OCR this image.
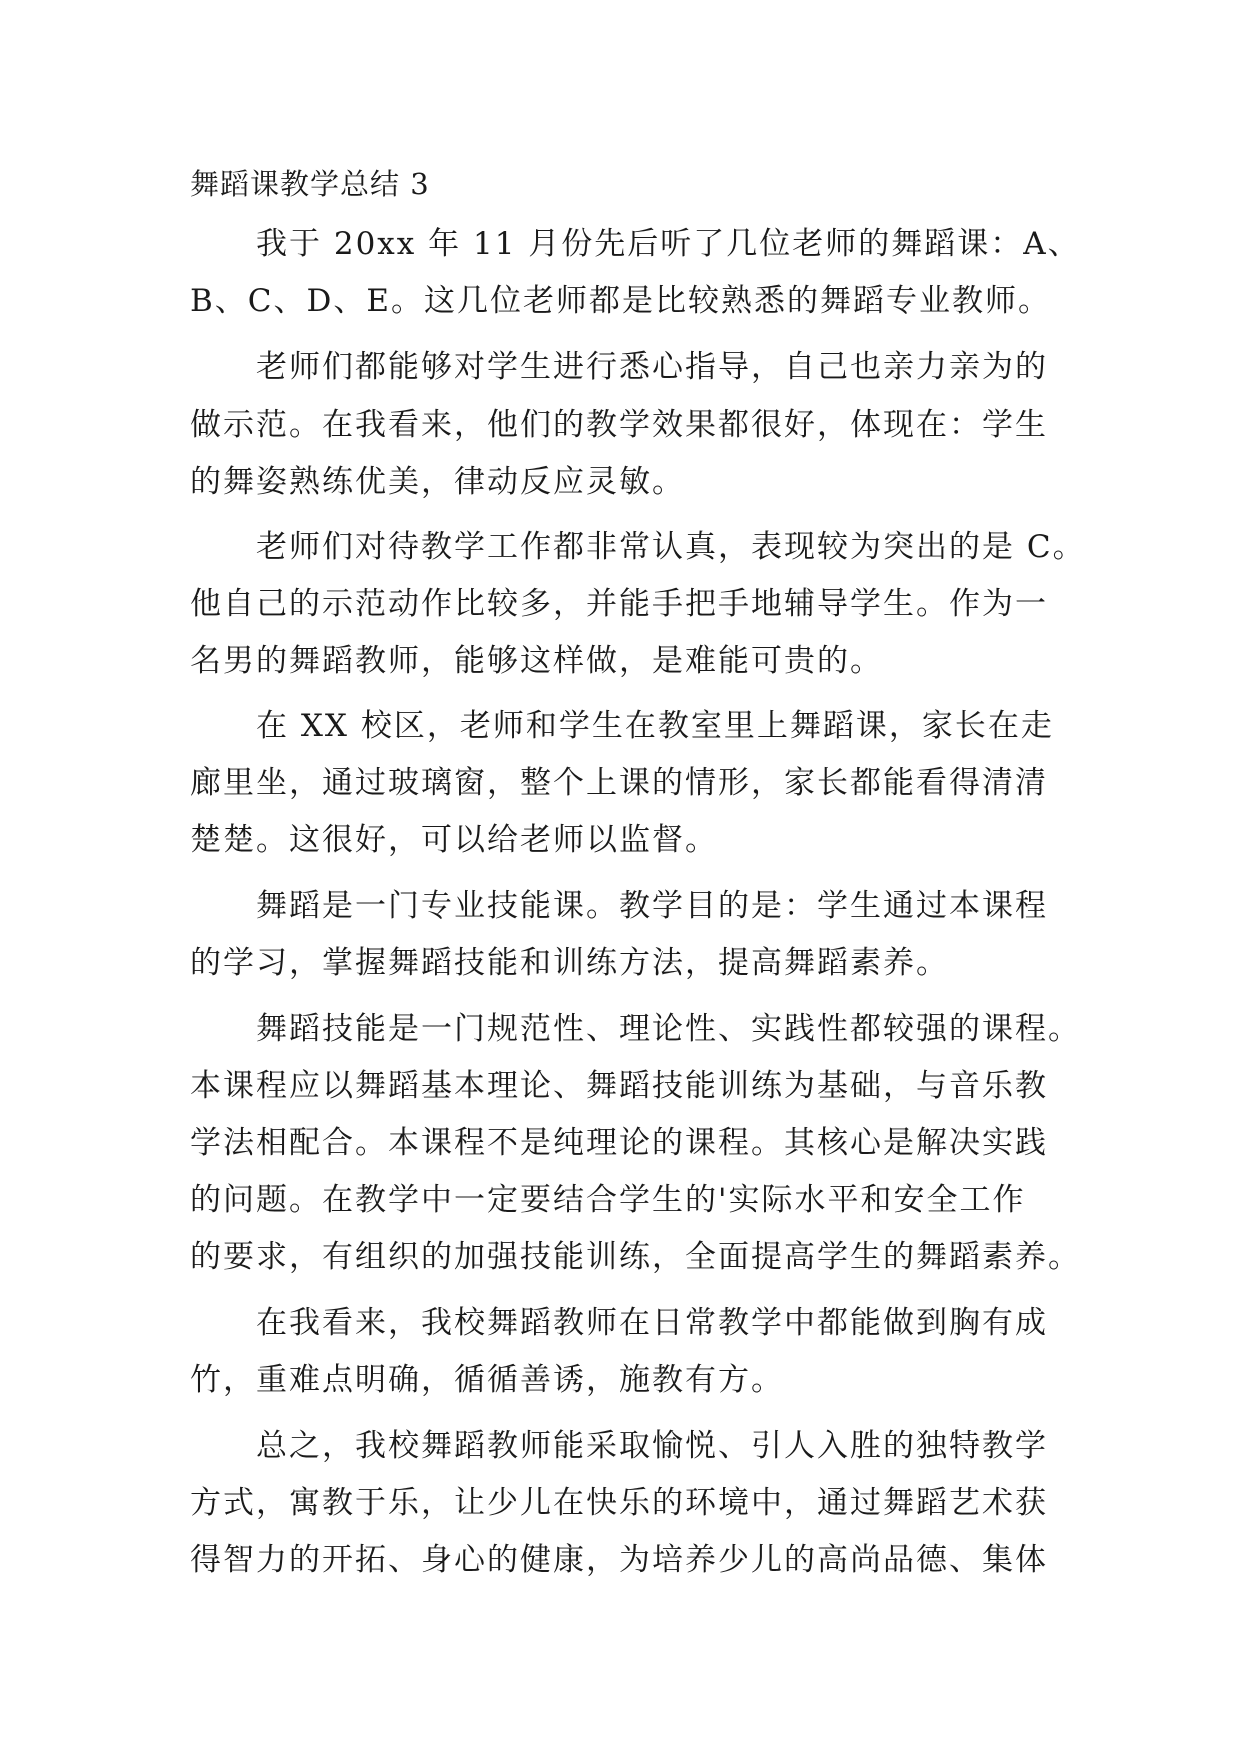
舞蹈课教学总结 3
我于 20xx 年 11 月份先后听了几位老师的舞蹈课：A、
B、C、D、E。这几位老师都是比较熟悉的舞蹈专业教师。
老师们都能够对学生进行悉心指导，自己也亲力亲为的
做示范。在我看来，他们的教学效果都很好，体现在：学生
的舞姿熟练优美，律动反应灵敏。
老师们对待教学工作都非常认真，表现较为突出的是 C。
他自己的示范动作比较多，并能手把手地辅导学生。作为一
名男的舞蹈教师，能够这样做，是难能可贵的。
在 XX 校区，老师和学生在教室里上舞蹈课，家长在走
廊里坐，通过玻璃窗，整个上课的情形，家长都能看得清清
楚楚。这很好，可以给老师以监督。
舞蹈是一门专业技能课。教学目的是：学生通过本课程
的学习，掌握舞蹈技能和训练方法，提高舞蹈素养。
舞蹈技能是一门规范性、理论性、实践性都较强的课程。
本课程应以舞蹈基本理论、舞蹈技能训练为基础，与音乐教
学法相配合。本课程不是纯理论的课程。其核心是解决实践
的问题。在教学中一定要结合学生的'实际水平和安全工作
的要求，有组织的加强技能训练，全面提高学生的舞蹈素养。
在我看来，我校舞蹈教师在日常教学中都能做到胸有成
竹，重难点明确，循循善诱，施教有方。
总之，我校舞蹈教师能采取愉悦、引人入胜的独特教学
方式，寓教于乐，让少儿在快乐的环境中，通过舞蹈艺术获
得智力的开拓、身心的健康，为培养少儿的高尚品德、集体
